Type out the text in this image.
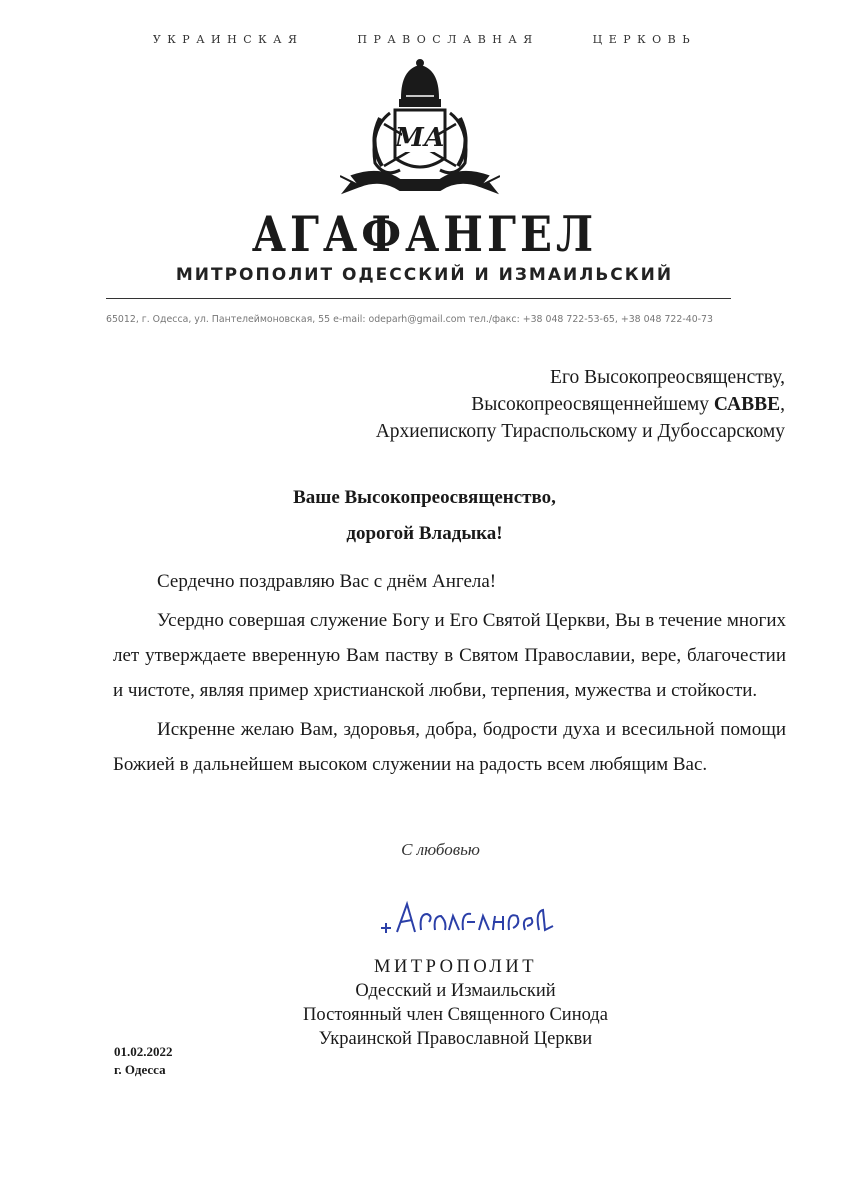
УКРАИНСКАЯ	ПРАВОСЛАВНАЯ	ЦЕРКОВЬ
МА
АГАФАНГЕЛ
МИТРОПОЛИТ ОДЕССКИЙ И ИЗМАИЛЬСКИЙ
65012, г. Одесса, ул. Пантелеймоновская, 55 e-mail: odeparh@gmail.com тел./факс: +38 048 722-53-65, +38 048 722-40-73
Его Высокопреосвященству,
Высокопреосвященнейшему САВВЕ,
Архиепископу Тираспольскому и Дубоссарскому
Ваше Высокопреосвященство,
дорогой Владыка!

Сердечно поздравляю Вас с днём Ангела!

Усердно совершая служение Богу и Его Святой Церкви, Вы в течение многих лет утверждаете вверенную Вам паству в Святом Православии, вере, благочестии и чистоте, являя пример христианской любви, терпения, мужества и стойкости.

Искренне желаю Вам, здоровья, добра, бодрости духа и всесильной помощи Божией в дальнейшем высоком служении на радость всем любящим Вас.

С любовью
+ Агафангел
МИТРОПОЛИТ
Одесский и Измаильский
Постоянный член Священного Синода
Украинской Православной Церкви
01.02.2022
г. Одесса
